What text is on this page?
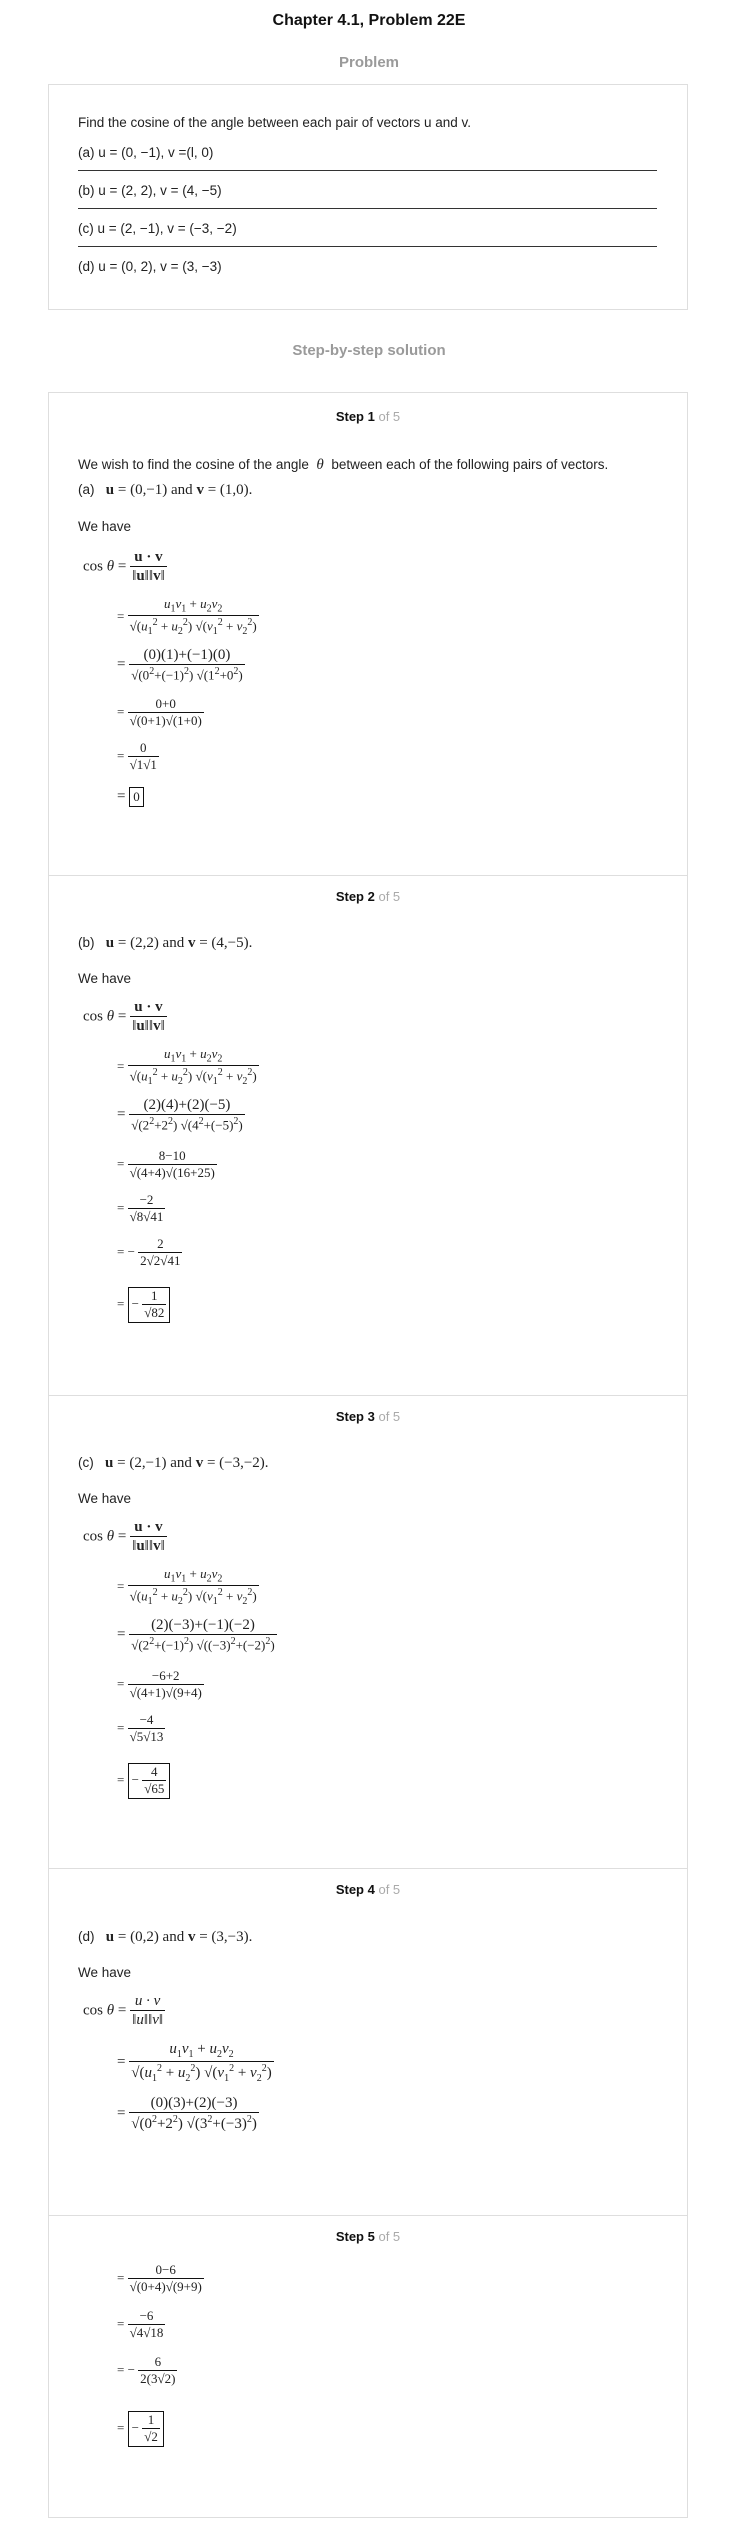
Chapter 4.1, Problem 22E
Problem
Find the cosine of the angle between each pair of vectors u and v.
(a) u = (0, −1), v =(l, 0)
(b) u = (2, 2), v = (4, −5)
(c) u = (2, −1), v = (−3, −2)
(d) u = (0, 2), v = (3, −3)
Step-by-step solution
Step 1 of 5
We wish to find the cosine of the angle θ between each of the following pairs of vectors.
(a) u = (0,−1) and v = (1,0).
We have
$\cos \theta = \frac{u \cdot v}{‖u‖‖v‖}$
= $\frac{u_1v_1 + u_2v_2}{√(u_1^2 + u_2^2) √(v_1^2 + v_2^2)}$
= $\frac{(0)(1)+(-1)(0)}{√(0^2+(-1)^2) √(1^2+0^2)}$
= $\frac{0+0}{√(0+1)√(1+0)}$
= $\frac{0}{√1√1}$
= 0
Step 2 of 5
(b) u = (2,2) and v = (4,−5).
We have
$\cos \theta = \frac{u \cdot v}{‖u‖‖v‖}$
= $\frac{u_1v_1 + u_2v_2}{√(u_1^2 + u_2^2) √(v_1^2 + v_2^2)}$
= $\frac{(2)(4)+(2)(-5)}{√(2^2+2^2) √(4^2+(-5)^2)}$
= $\frac{8-10}{√(4+4)√(16+25)}$
= $\frac{-2}{√8√41}$
= − $\frac{2}{2√2√41}$
= − $\frac{1}{√82}$
Step 3 of 5
(c) u = (2,−1) and v = (−3,−2).
We have
$\cos \theta = \frac{u \cdot v}{‖u‖‖v‖}$
= $\frac{u_1v_1 + u_2v_2}{√(u_1^2 + u_2^2) √(v_1^2 + v_2^2)}$
= $\frac{(2)(-3)+(-1)(-2)}{√(2^2+(-1)^2) √((-3)^2+(-2)^2)}$
= $\frac{-6+2}{√(4+1)√(9+4)}$
= $\frac{-4}{√5√13}$
= − $\frac{4}{√65}$
Step 4 of 5
(d) u = (0,2) and v = (3,−3).
We have
$\cos \theta = \frac{u \cdot v}{‖u‖‖v‖}$
= $\frac{u_1v_1 + u_2v_2}{√(u_1^2 + u_2^2) √(v_1^2 + v_2^2)}$
= $\frac{(0)(3)+(2)(-3)}{√(0^2+2^2) √(3^2+(-3)^2)}$
Step 5 of 5
= $\frac{0-6}{√(0+4)√(9+9)}$
= $\frac{-6}{√4√18}$
= − $\frac{6}{2(3√2)}$
= − $\frac{1}{√2}$
